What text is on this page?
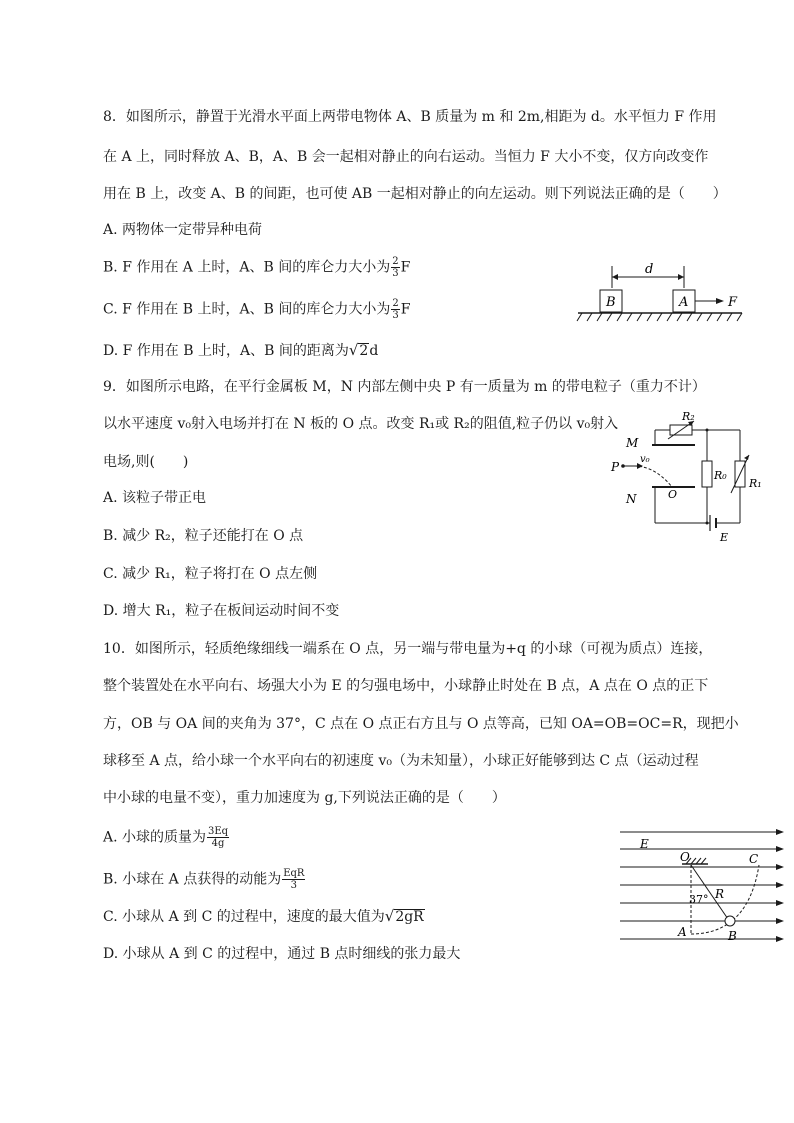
8．如图所示，静置于光滑水平面上两带电物体 A、B 质量为 m 和 2m,相距为 d。水平恒力 F 作用
在 A 上，同时释放 A、B，A、B 会一起相对静止的向右运动。当恒力 F 大小不变，仅方向改变作
用在 B 上，改变 A、B 的间距，也可使 AB 一起相对静止的向左运动。则下列说法正确的是（　　）
A. 两物体一定带异种电荷
B. F 作用在 A 上时，A、B 间的库仑力大小为 $\frac{2}{3}$ F
C. F 作用在 B 上时，A、B 间的库仑力大小为 $\frac{2}{3}$ F
D. F 作用在 B 上时，A、B 间的距离为√2d
d
B	A	F
9．如图所示电路，在平行金属板 M，N 内部左侧中央 P 有一质量为 m 的带电粒子（重力不计）
以水平速度 v₀射入电场并打在 N 板的 O 点。改变 R₁或 R₂的阻值,粒子仍以 v₀射入
电场,则(　　)
A. 该粒子带正电
B. 减少 R₂，粒子还能打在 O 点
C. 减少 R₁，粒子将打在 O 点左侧
D. 增大 R₁，粒子在板间运动时间不变
R₂
M
P
v₀
N	O
R₀
R₁
E
10．如图所示，轻质绝缘细线一端系在 O 点，另一端与带电量为+q 的小球（可视为质点）连接，
整个装置处在水平向右、场强大小为 E 的匀强电场中，小球静止时处在 B 点，A 点在 O 点的正下
方，OB 与 OA 间的夹角为 37°，C 点在 O 点正右方且与 O 点等高，已知 OA=OB=OC=R，现把小
球移至 A 点，给小球一个水平向右的初速度 v₀（为未知量），小球正好能够到达 C 点（运动过程
中小球的电量不变），重力加速度为 g,下列说法正确的是（　　）
A. 小球的质量为 $\frac{3Eq}{4g}$
B. 小球在 A 点获得的动能为 $\frac{\text{EqR}}{3}$
C. 小球从 A 到 C 的过程中，速度的最大值为√2gR
D. 小球从 A 到 C 的过程中，通过 B 点时细线的张力最大
E
O	C
R
37°
A	B
